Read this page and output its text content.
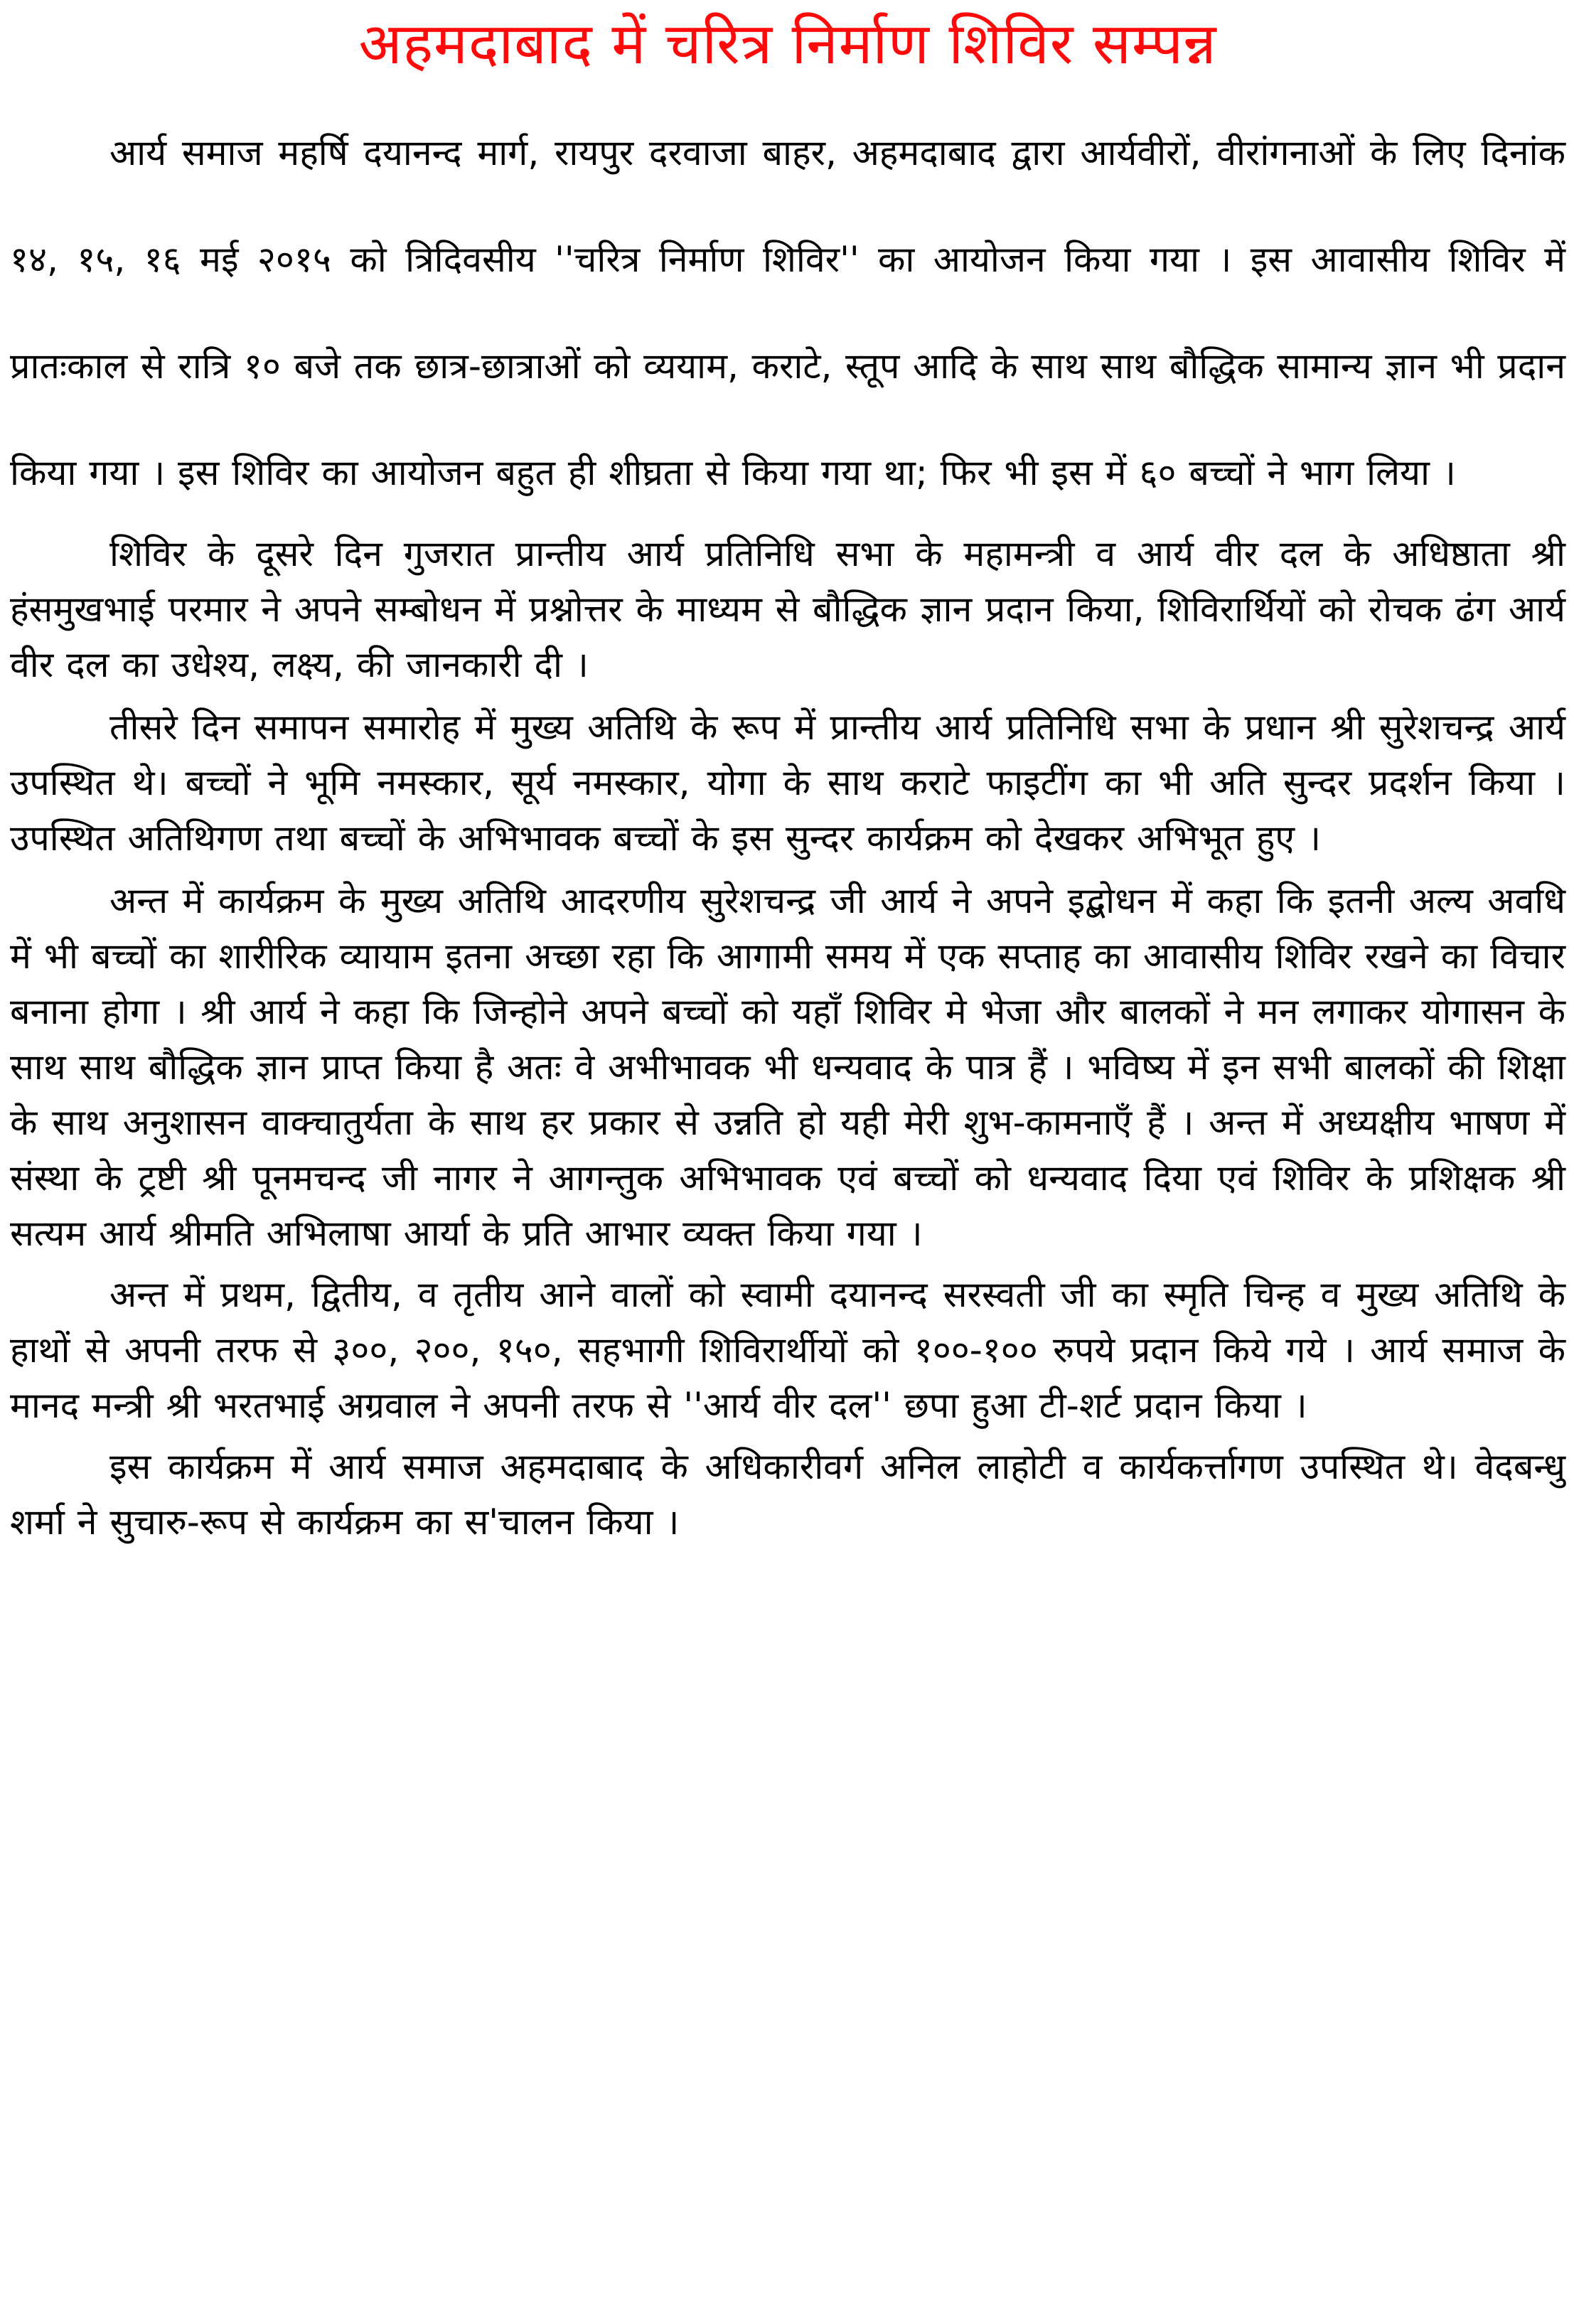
अहमदाबाद में चरित्र निर्माण शिविर सम्पन्न

आर्य समाज महर्षि दयानन्द मार्ग, रायपुर दरवाजा बाहर, अहमदाबाद द्वारा आर्यवीरों, वीरांगनाओं के लिए दिनांक १४, १५, १६ मई २०१५ को त्रिदिवसीय ''चरित्र निर्माण शिविर'' का आयोजन किया गया । इस आवासीय शिविर में प्रातःकाल से रात्रि १० बजे तक छात्र-छात्राओं को व्ययाम, कराटे, स्तूप आदि के साथ साथ बौद्धिक सामान्य ज्ञान भी प्रदान किया गया । इस शिविर का आयोजन बहुत ही शीघ्रता से किया गया था; फिर भी इस में ६० बच्चों ने भाग लिया ।

शिविर के दूसरे दिन गुजरात प्रान्तीय आर्य प्रतिनिधि सभा के महामन्त्री व आर्य वीर दल के अधिष्ठाता श्री हंसमुखभाई परमार ने अपने सम्बोधन में प्रश्नोत्तर के माध्यम से बौद्धिक ज्ञान प्रदान किया, शिविरार्थियों को रोचक ढंग आर्य वीर दल का उधेश्य, लक्ष्य, की जानकारी दी ।

तीसरे दिन समापन समारोह में मुख्य अतिथि के रूप में प्रान्तीय आर्य प्रतिनिधि सभा के प्रधान श्री सुरेशचन्द्र आर्य उपस्थित थे। बच्चों ने भूमि नमस्कार, सूर्य नमस्कार, योगा के साथ कराटे फाइटींग का भी अति सुन्दर प्रदर्शन किया । उपस्थित अतिथिगण तथा बच्चों के अभिभावक बच्चों के इस सुन्दर कार्यक्रम को देखकर अभिभूत हुए ।

अन्त में कार्यक्रम के मुख्य अतिथि आदरणीय सुरेशचन्द्र जी आर्य ने अपने इद्बोधन में कहा कि इतनी अल्य अवधि में भी बच्चों का शारीरिक व्यायाम इतना अच्छा रहा कि आगामी समय में एक सप्ताह का आवासीय शिविर रखने का विचार बनाना होगा । श्री आर्य ने कहा कि जिन्होने अपने बच्चों को यहाँ शिविर मे भेजा और बालकों ने मन लगाकर योगासन के साथ साथ बौद्धिक ज्ञान प्राप्त किया है अतः वे अभीभावक भी धन्यवाद के पात्र हैं । भविष्य में इन सभी बालकों की शिक्षा के साथ अनुशासन वाक्चातुर्यता के साथ हर प्रकार से उन्नति हो यही मेरी शुभ-कामनाएँ हैं । अन्त में अध्यक्षीय भाषण में संस्था के ट्रष्टी श्री पूनमचन्द जी नागर ने आगन्तुक अभिभावक एवं बच्चों को धन्यवाद दिया एवं शिविर के प्रशिक्षक श्री सत्यम आर्य श्रीमति अभिलाषा आर्या के प्रति आभार व्यक्त किया गया ।

अन्त में प्रथम, द्वितीय, व तृतीय आने वालों को स्वामी दयानन्द सरस्वती जी का स्मृति चिन्ह व मुख्य अतिथि के हाथों से अपनी तरफ से ३००, २००, १५०, सहभागी शिविरार्थीयों को १००-१०० रुपये प्रदान किये गये । आर्य समाज के मानद मन्त्री श्री भरतभाई अग्रवाल ने अपनी तरफ से ''आर्य वीर दल'' छपा हुआ टी-शर्ट प्रदान किया ।

इस कार्यक्रम में आर्य समाज अहमदाबाद के अधिकारीवर्ग अनिल लाहोटी व कार्यकर्त्तागण उपस्थित थे। वेदबन्धु शर्मा ने सुचारु-रूप से कार्यक्रम का स'चालन किया ।
